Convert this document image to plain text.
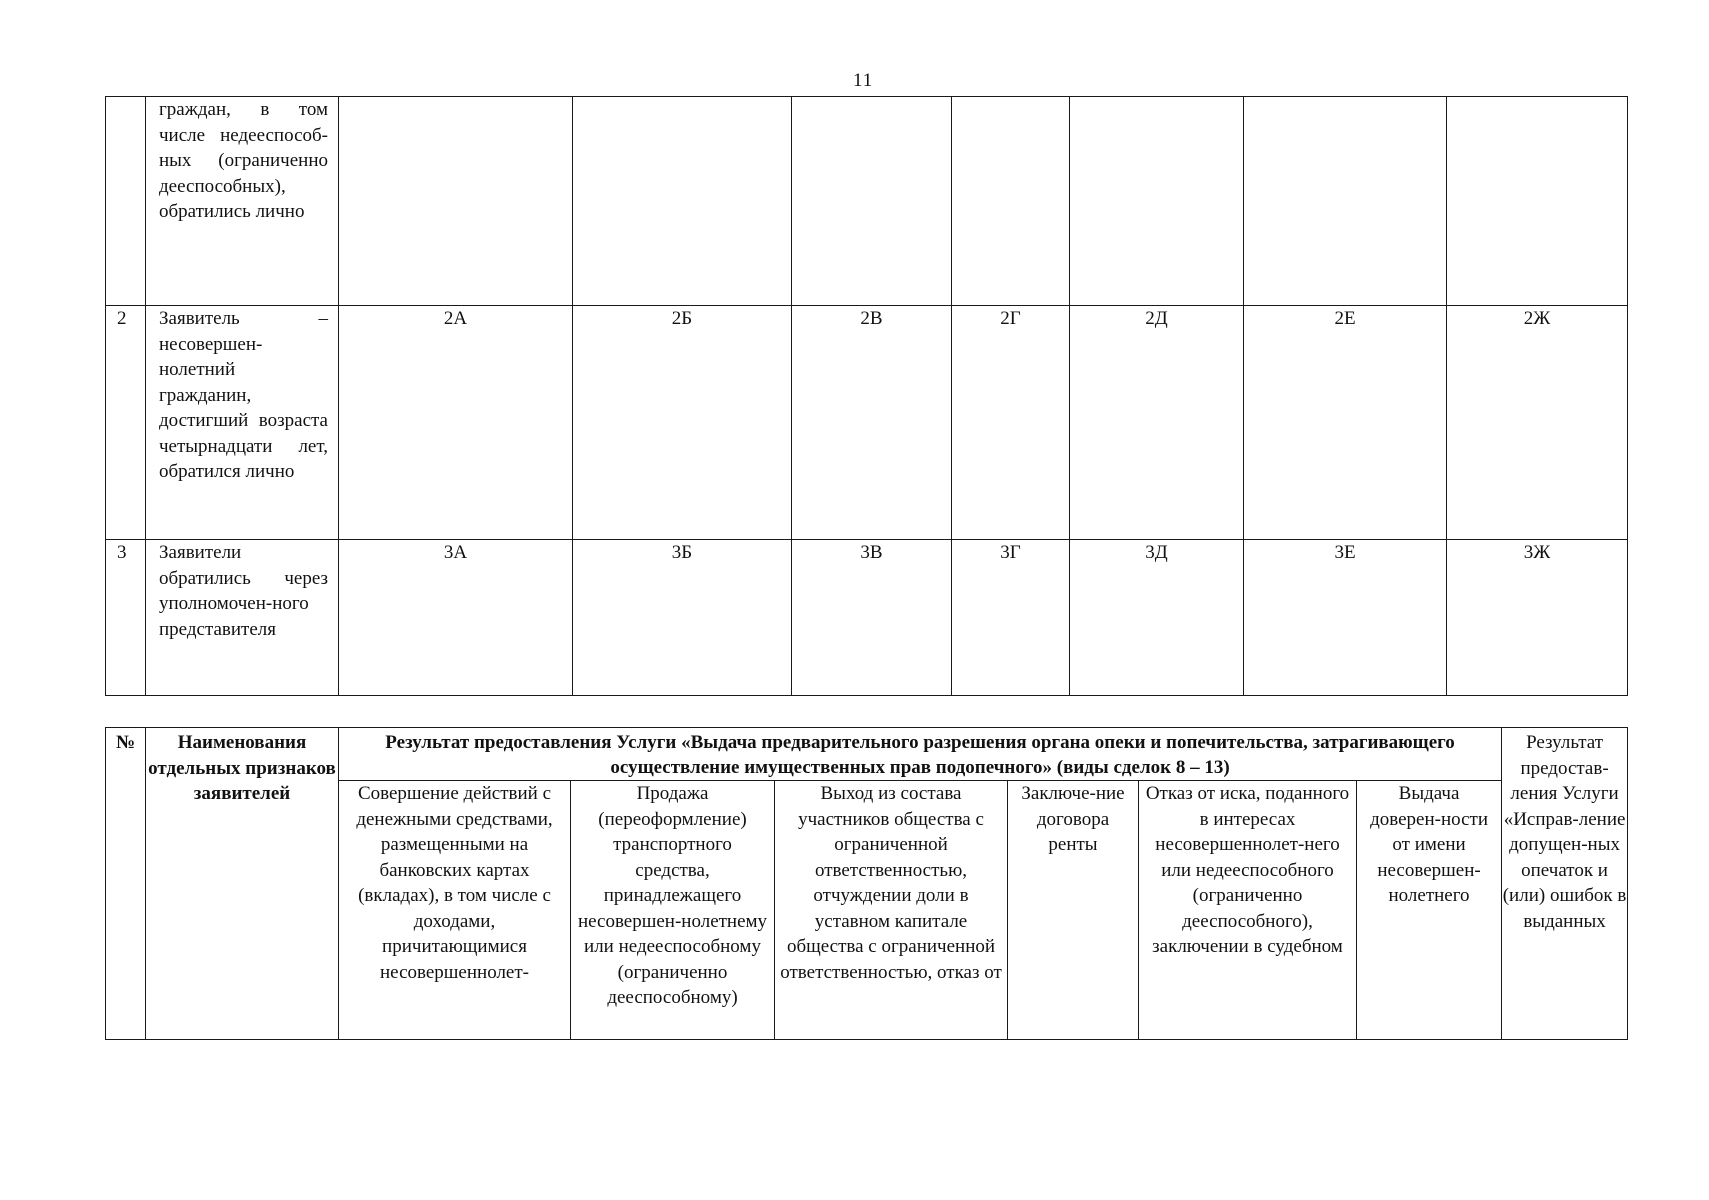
11
	граждан, в том числе недееспособ-ных (ограниченно дееспособных), обратились лично							
2	Заявитель – несовершен-нолетний гражданин, достигший возраста четырнадцати лет, обратился лично	2А	2Б	2В	2Г	2Д	2Е	2Ж
3	Заявители обратились через уполномочен-ного представителя	3А	3Б	3В	3Г	3Д	3Е	3Ж
№	Наименования отдельных признаков заявителей	Результат предоставления Услуги «Выдача предварительного разрешения органа опеки и попечительства, затрагивающего осуществление имущественных прав подопечного» (виды сделок 8 – 13)						Результат предостав-ления Услуги «Исправ-ление допущен-ных опечаток и (или) ошибок в выданных
		Совершение действий с денежными средствами, размещенными на банковских картах (вкладах), в том числе с доходами, причитающимися несовершеннолет-	Продажа (переоформление) транспортного средства, принадлежащего несовершен-нолетнему или недееспособному (ограниченно дееспособному)	Выход из состава участников общества с ограниченной ответственностью, отчуждении доли в уставном капитале общества с ограниченной ответственностью, отказ от	Заключе-ние договора ренты	Отказ от иска, поданного в интересах несовершеннолет-него или недееспособного (ограниченно дееспособного), заключении в судебном	Выдача доверен-ности от имени несовершен-нолетнего	
